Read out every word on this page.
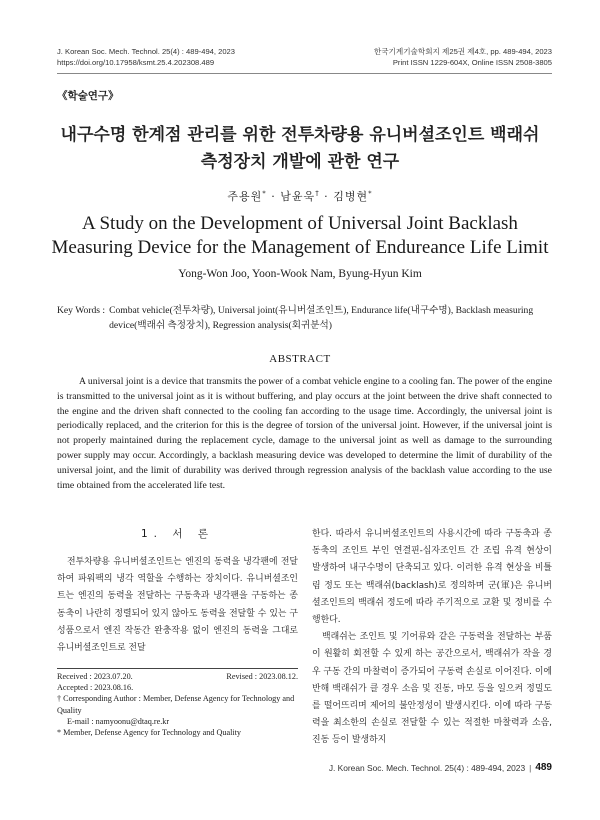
J. Korean Soc. Mech. Technol. 25(4) : 489-494, 2023
https://doi.org/10.17958/ksmt.25.4.202308.489
한국기계기술학회지 제25권 제4호, pp. 489-494, 2023
Print ISSN 1229-604X, Online ISSN 2508-3805
《학술연구》
내구수명 한계점 관리를 위한 전투차량용 유니버셜조인트 백래쉬
측정장치 개발에 관한 연구
주용원* · 남윤욱† · 김병현*
A Study on the Development of Universal Joint Backlash
Measuring Device for the Management of Endureance Life Limit
Yong-Won Joo, Yoon-Wook Nam, Byung-Hyun Kim
Key Words : Combat vehicle(전투차량), Universal joint(유니버셜조인트), Endurance life(내구수명), Backlash measuring device(백래쉬 측정장치), Regression analysis(회귀분석)
ABSTRACT
A universal joint is a device that transmits the power of a combat vehicle engine to a cooling fan. The power of the engine is transmitted to the universal joint as it is without buffering, and play occurs at the joint between the drive shaft connected to the engine and the driven shaft connected to the cooling fan according to the usage time. Accordingly, the universal joint is periodically replaced, and the criterion for this is the degree of torsion of the universal joint. However, if the universal joint is not properly maintained during the replacement cycle, damage to the universal joint as well as damage to the surrounding power supply may occur. Accordingly, a backlash measuring device was developed to determine the limit of durability of the universal joint, and the limit of durability was derived through regression analysis of the backlash value according to the use time obtained from the accelerated life test.
1. 서 론

전투차량용 유니버셜조인트는 엔진의 동력을 냉각팬에 전달하여 파워팩의 냉각 역할을 수행하는 장치이다. 유니버셜조인트는 엔진의 동력을 전달하는 구동축과 냉각팬을 구동하는 종동축이 나란히 정렬되어 있지 않아도 동력을 전달할 수 있는 구성품으로서 엔진 작동간 완충작용 없이 엔진의 동력을 그대로 유니버셜조인트로 전달

한다. 따라서 유니버셜조인트의 사용시간에 따라 구동축과 종동축의 조인트 부인 연결핀-십자조인트 간 조립 유격 현상이 발생하여 내구수명이 단축되고 있다. 이러한 유격 현상을 비틀림 정도 또는 백래쉬(backlash)로 정의하며 군(軍)은 유니버셜조인트의 백래쉬 정도에 따라 주기적으로 교환 및 정비를 수행한다.

백래쉬는 조인트 및 기어류와 같은 구동력을 전달하는 부품이 원활히 회전할 수 있게 하는 공간으로서, 백래쉬가 작을 경우 구동 간의 마찰력이 증가되어 구동력 손실로 이어진다. 이에 반해 백래쉬가 클 경우 소음 및 진동, 마모 등을 일으켜 정밀도를 떨어뜨리며 제어의 불안정성이 발생시킨다. 이에 따라 구동력을 최소한의 손실로 전달할 수 있는 적절한 마찰력과 소음, 진동 등이 발생하지

Received : 2023.07.20.	Revised : 2023.08.12.
Accepted : 2023.08.16.
† Corresponding Author : Member, Defense Agency for Technology and Quality
E-mail : namyoonu@dtaq.re.kr
* Member, Defense Agency for Technology and Quality
J. Korean Soc. Mech. Technol. 25(4) : 489-494, 2023 | 489
